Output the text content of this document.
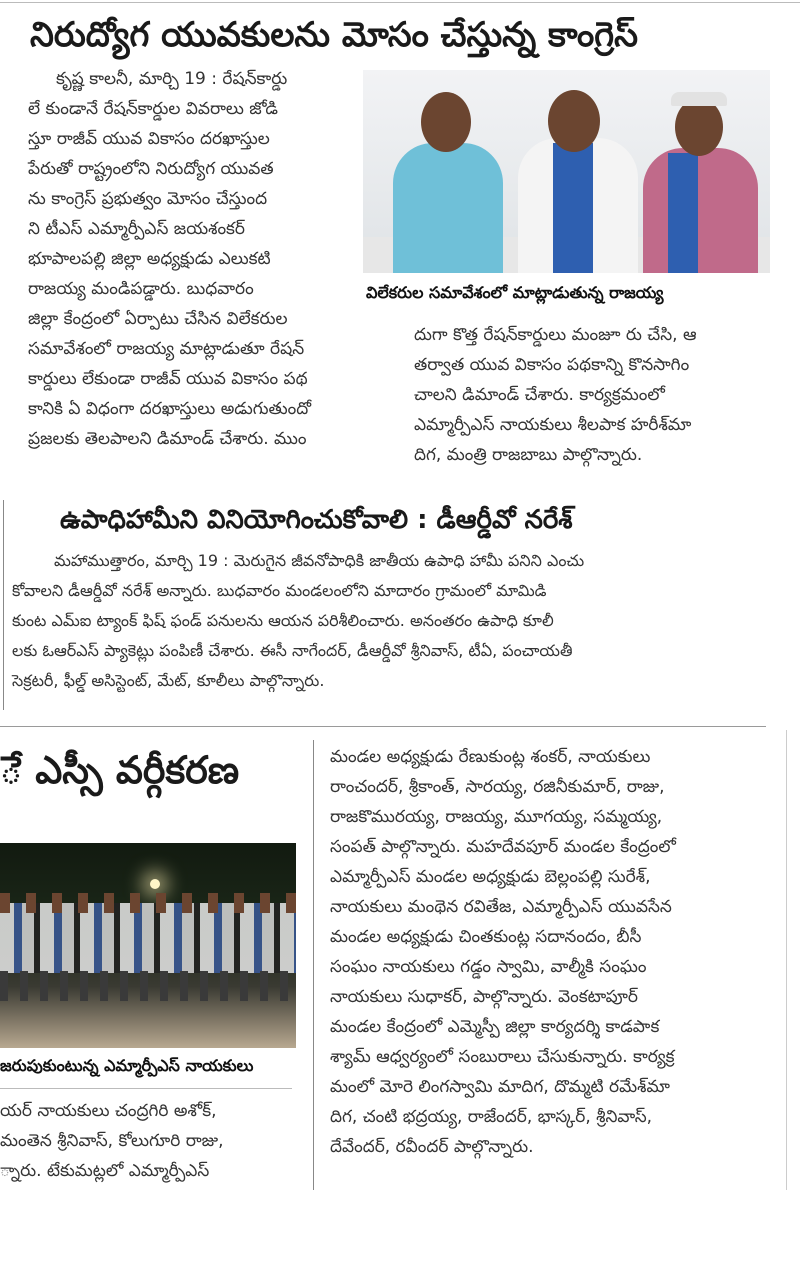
నిరుద్యోగ యువకులను మోసం చేస్తున్న కాంగ్రెస్

కృష్ణ కాలనీ, మార్చి 19 : రేషన్‌కార్డు

లే కుండానే రేషన్‌కార్డుల వివరాలు జోడి

స్తూ రాజీవ్ యువ వికాసం దరఖాస్తుల

పేరుతో రాష్ట్రంలోని నిరుద్యోగ యువత

ను కాంగ్రెస్ ప్రభుత్వం మోసం చేస్తుంద

ని టీఎస్ ఎమ్మార్పీఎస్ జయశంకర్

భూపాలపల్లి జిల్లా అధ్యక్షుడు ఎలుకటి

రాజయ్య మండిపడ్డారు. బుధవారం

జిల్లా కేంద్రంలో ఏర్పాటు చేసిన విలేకరుల

సమావేశంలో రాజయ్య మాట్లాడుతూ రేషన్

కార్డులు లేకుండా రాజీవ్ యువ వికాసం పథ

కానికి ఏ విధంగా దరఖాస్తులు అడుగుతుందో

ప్రజలకు తెలపాలని డిమాండ్ చేశారు. ముం

విలేకరుల సమావేశంలో మాట్లాడుతున్న రాజయ్య

దుగా కొత్త రేషన్‌కార్డులు మంజూ రు చేసి, ఆ

తర్వాత యువ వికాసం పథకాన్ని కొనసాగిం

చాలని డిమాండ్ చేశారు. కార్యక్రమంలో

ఎమ్మార్పీఎస్ నాయకులు శీలపాక హరీశ్‌మా

దిగ, మంత్రి రాజబాబు పాల్గొన్నారు.

ఉపాధిహామీని వినియోగించుకోవాలి : డీఆర్డీవో నరేశ్

మహాముత్తారం, మార్చి 19 : మెరుగైన జీవనోపాధికి జాతీయ ఉపాధి హామీ పనిని ఎంచు

కోవాలని డీఆర్డీవో నరేశ్ అన్నారు. బుధవారం మండలంలోని మాదారం గ్రామంలో మామిడి

కుంట ఎమ్ఐ ట్యాంక్ ఫిష్ ఫండ్ పనులను ఆయన పరిశీలించారు. అనంతరం ఉపాధి కూలీ

లకు ఓఆర్ఎస్ ప్యాకెట్లు పంపిణీ చేశారు. ఈసీ నాగేందర్, డీఆర్డీవో శ్రీనివాస్, టీఏ, పంచాయతీ

సెక్రటరీ, ఫీల్డ్ అసిస్టెంట్, మేట్, కూలీలు పాల్గొన్నారు.

ే ఎస్సీ వర్గీకరణ
జరుపుకుంటున్న ఎమ్మార్పీఎస్ నాయకులు

యర్ నాయకులు చంద్రగిరి అశోక్,

మంతెన శ్రీనివాస్, కోలుగూరి రాజు,

్నారు. టేకుమట్లలో ఎమ్మార్పీఎస్

మండల అధ్యక్షుడు రేణుకుంట్ల శంకర్, నాయకులు

రాంచందర్, శ్రీకాంత్, సారయ్య, రజినీకుమార్, రాజు,

రాజకొమురయ్య, రాజయ్య, మూగయ్య, సమ్మయ్య,

సంపత్ పాల్గొన్నారు. మహదేవపూర్ మండల కేంద్రంలో

ఎమ్మార్పీఎస్ మండల అధ్యక్షుడు బెల్లంపల్లి సురేశ్,

నాయకులు మంథెన రవితేజ, ఎమ్మార్పీఎస్ యువసేన

మండల అధ్యక్షుడు చింతకుంట్ల సదానందం, బీసీ

సంఘం నాయకులు గడ్డం స్వామి, వాల్మీకి సంఘం

నాయకులు సుధాకర్, పాల్గొన్నారు. వెంకటాపూర్

మండల కేంద్రంలో ఎమ్మెస్పీ జిల్లా కార్యదర్శి కాడపాక

శ్యామ్ ఆధ్వర్యంలో సంబురాలు చేసుకున్నారు. కార్యక్ర

మంలో మోరె లింగస్వామి మాదిగ, దొమ్మటి రమేశ్‌మా

దిగ, చంటి భద్రయ్య, రాజేందర్, భాస్కర్, శ్రీనివాస్,

దేవేందర్, రవీందర్ పాల్గొన్నారు.
